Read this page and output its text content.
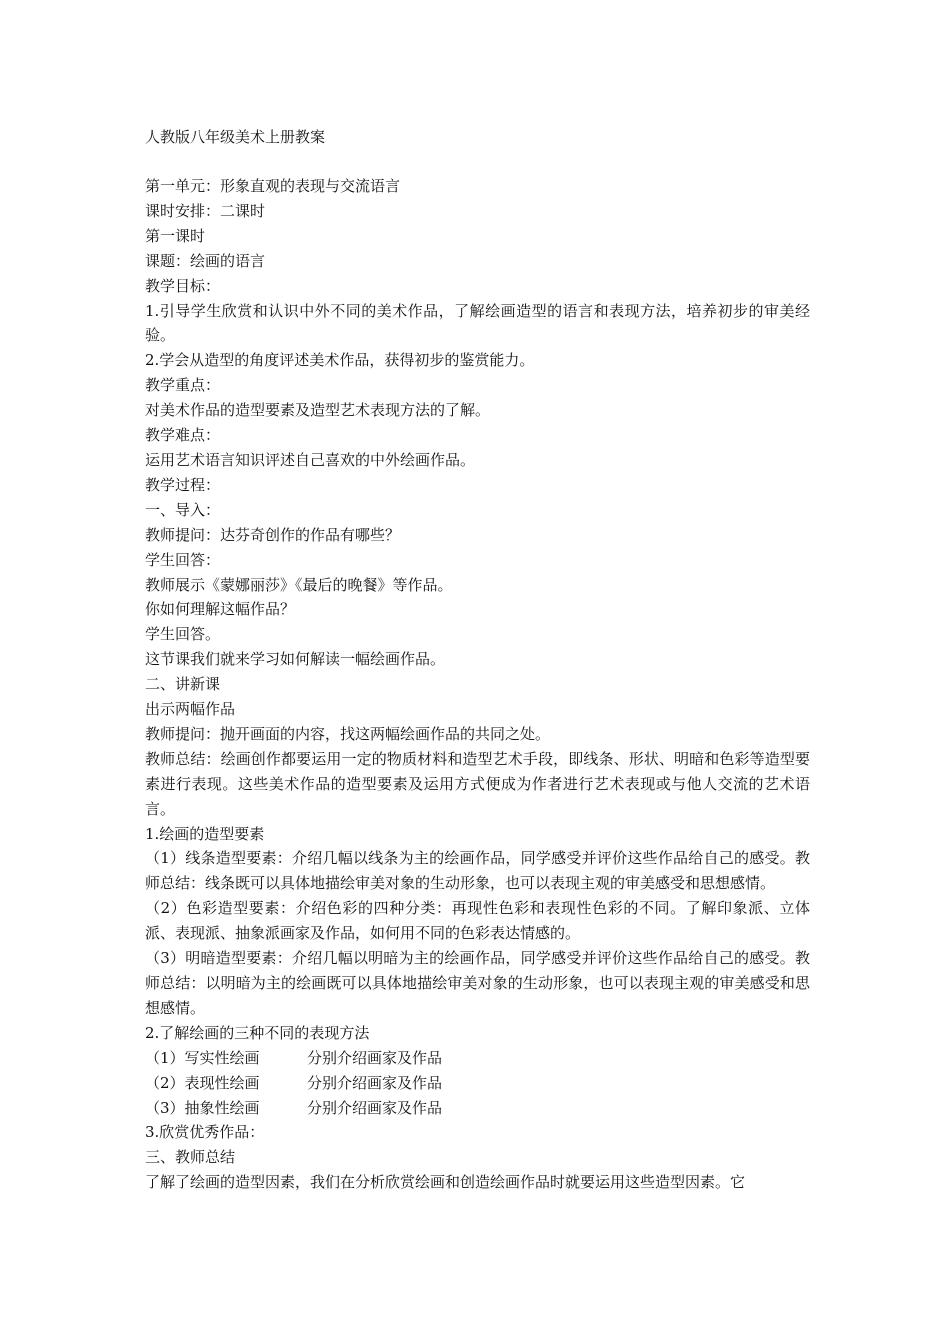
人教版八年级美术上册教案
第一单元：形象直观的表现与交流语言
课时安排：二课时
第一课时
课题：绘画的语言
教学目标：
1.引导学生欣赏和认识中外不同的美术作品，了解绘画造型的语言和表现方法，培养初步的审美经验。
2.学会从造型的角度评述美术作品，获得初步的鉴赏能力。
教学重点：
对美术作品的造型要素及造型艺术表现方法的了解。
教学难点：
运用艺术语言知识评述自己喜欢的中外绘画作品。
教学过程：
一、导入：
教师提问：达芬奇创作的作品有哪些？
学生回答：
教师展示《蒙娜丽莎》《最后的晚餐》等作品。
你如何理解这幅作品？
学生回答。
这节课我们就来学习如何解读一幅绘画作品。
二、讲新课
出示两幅作品
教师提问：抛开画面的内容，找这两幅绘画作品的共同之处。
教师总结：绘画创作都要运用一定的物质材料和造型艺术手段，即线条、形状、明暗和色彩等造型要素进行表现。这些美术作品的造型要素及运用方式便成为作者进行艺术表现或与他人交流的艺术语言。
1.绘画的造型要素
（1）线条造型要素：介绍几幅以线条为主的绘画作品，同学感受并评价这些作品给自己的感受。教师总结：线条既可以具体地描绘审美对象的生动形象，也可以表现主观的审美感受和思想感情。
（2）色彩造型要素：介绍色彩的四种分类：再现性色彩和表现性色彩的不同。了解印象派、立体派、表现派、抽象派画家及作品，如何用不同的色彩表达情感的。
（3）明暗造型要素：介绍几幅以明暗为主的绘画作品，同学感受并评价这些作品给自己的感受。教师总结：以明暗为主的绘画既可以具体地描绘审美对象的生动形象，也可以表现主观的审美感受和思想感情。
2.了解绘画的三种不同的表现方法
（1）写实性绘画	分别介绍画家及作品
（2）表现性绘画	分别介绍画家及作品
（3）抽象性绘画	分别介绍画家及作品
3.欣赏优秀作品：
三、教师总结
了解了绘画的造型因素，我们在分析欣赏绘画和创造绘画作品时就要运用这些造型因素。它
